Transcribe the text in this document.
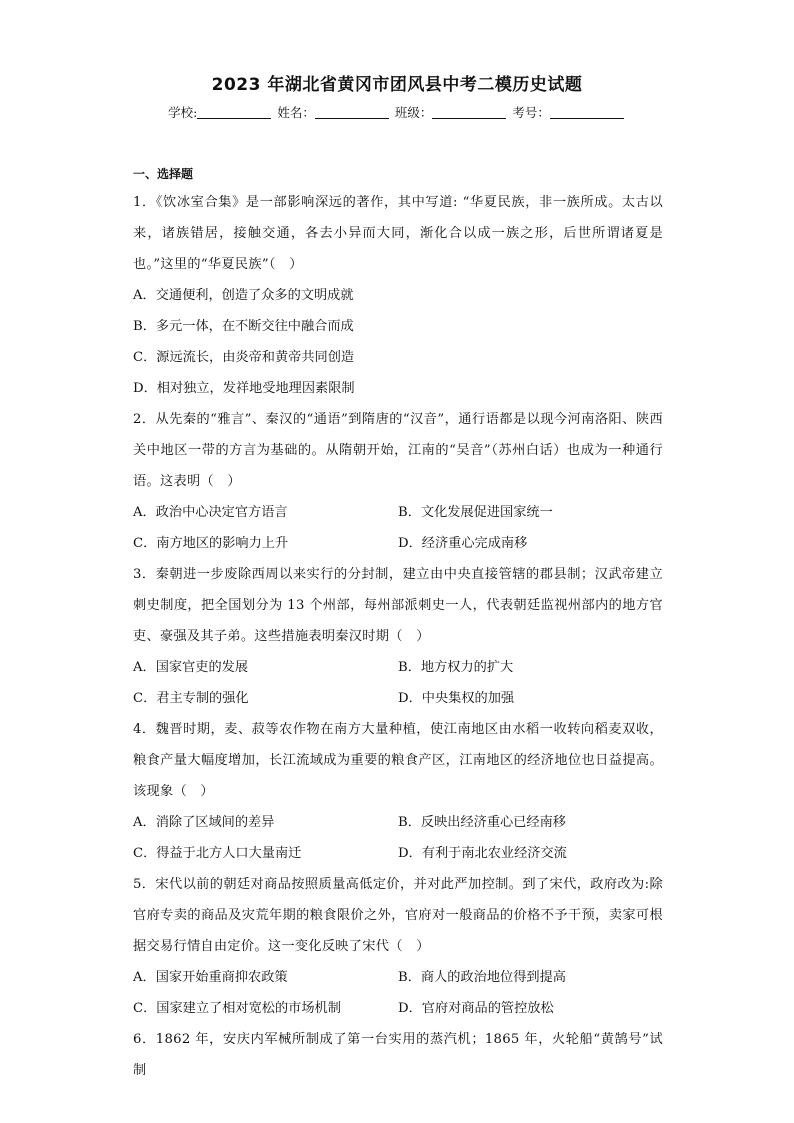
2023 年湖北省黄冈市团风县中考二模历史试题
学校:	姓名：	班级：	考号：
一、选择题
1．《饮冰室合集》是一部影响深远的著作，其中写道: “华夏民族，非一族所成。太古以来，诸族错居，接触交通，各去小异而大同，渐化合以成一族之形，后世所谓诸夏是也。”这里的“华夏民族”（　）
A．交通便利，创造了众多的文明成就
B．多元一体，在不断交往中融合而成
C．源远流长，由炎帝和黄帝共同创造
D．相对独立，发祥地受地理因素限制
2．从先秦的“雅言”、秦汉的“通语”到隋唐的“汉音”，通行语都是以现今河南洛阳、陕西关中地区一带的方言为基础的。从隋朝开始，江南的“吴音”（苏州白话）也成为一种通行语。这表明（　）
A．政治中心决定官方语言	B．文化发展促进国家统一
C．南方地区的影响力上升	D．经济重心完成南移
3．秦朝进一步废除西周以来实行的分封制，建立由中央直接管辖的郡县制；汉武帝建立刺史制度，把全国划分为 13 个州部，每州部派刺史一人，代表朝廷监视州部内的地方官吏、豪强及其子弟。这些措施表明秦汉时期（　）
A．国家官吏的发展	B．地方权力的扩大
C．君主专制的强化	D．中央集权的加强
4．魏晋时期，麦、菽等农作物在南方大量种植，使江南地区由水稻一收转向稻麦双收，粮食产量大幅度增加，长江流域成为重要的粮食产区，江南地区的经济地位也日益提高。该现象（　）
A．消除了区域间的差异	B．反映出经济重心已经南移
C．得益于北方人口大量南迁	D．有利于南北农业经济交流
5．宋代以前的朝廷对商品按照质量高低定价，并对此严加控制。到了宋代，政府改为:除官府专卖的商品及灾荒年期的粮食限价之外，官府对一般商品的价格不予干预，卖家可根据交易行情自由定价。这一变化反映了宋代（　）
A．国家开始重商抑农政策	B．商人的政治地位得到提高
C．国家建立了相对宽松的市场机制	D．官府对商品的管控放松
6．1862 年，安庆内军械所制成了第一台实用的蒸汽机；1865 年，火轮船“黄鹄号”试制
